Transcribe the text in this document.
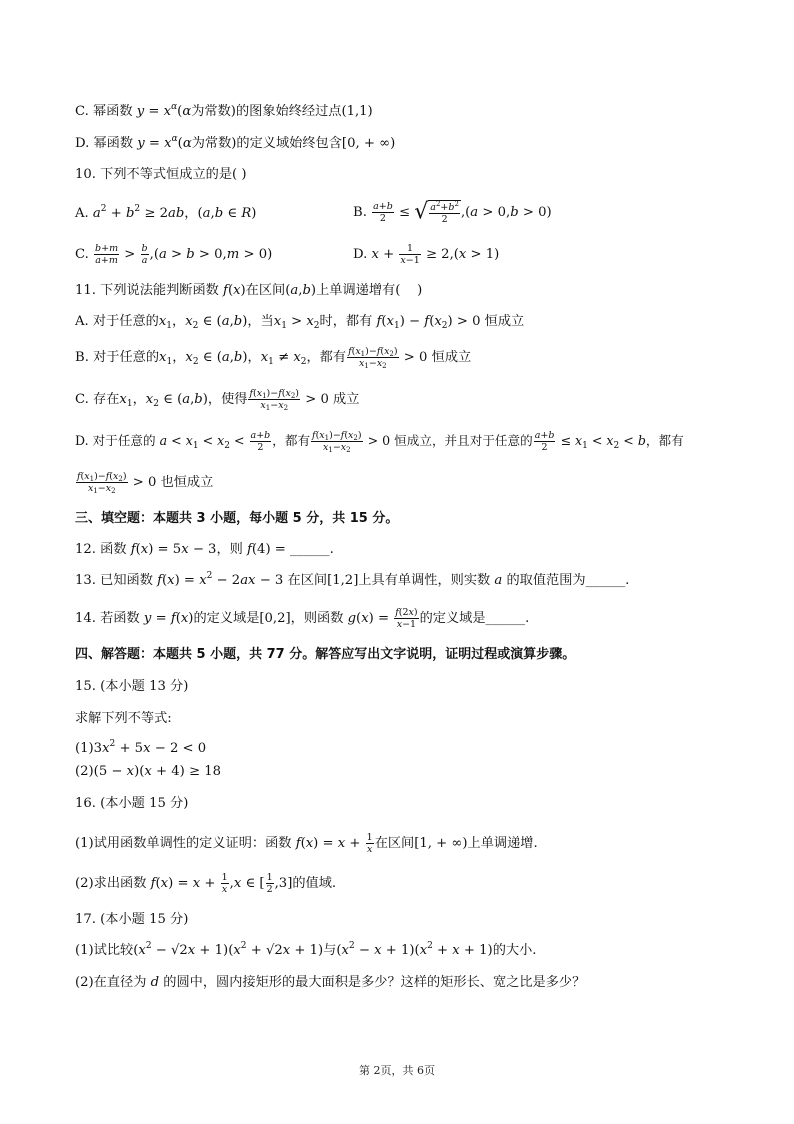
C. 幂函数 $y = x^\alpha(\alpha$为常数)的图象始终经过点(1,1)
D. 幂函数 $y = x^\alpha(\alpha$为常数)的定义域始终包含[0, + ∞)
10. 下列不等式恒成立的是( )
A. $a^2 + b^2 \ge 2ab$，(a,b ∈ R)	B. $\frac{a+b}{2}$ ≤ √ $\frac{a^2+b^2}{2} ,(a > 0,b > 0)$
C. $\frac{b+m}{a+m} > \frac{b}{a} ,(a > b > 0,m > 0)$	D. $x + \frac{1}{x-1} \ge 2,(x > 1)$
11. 下列说法能判断函数 f(x)在区间(a,b)上单调递增有(    )
A. 对于任意的$x_1$，$x_2$ ∈ (a,b)，当$x_1 > x_2$时，都有 $f(x_1) - f(x_2) > 0$ 恒成立
B. 对于任意的$x_1$，$x_2$ ∈ (a,b)，$x_1 \ne x_2$，都有 $\frac{f(x_1)-f(x_2)}{x_1-x_2} > 0$ 恒成立
C. 存在$x_1$，$x_2$ ∈ (a,b)，使得 $\frac{f(x_1)-f(x_2)}{x_1-x_2} > 0$ 成立
D. 对于任意的 $a < x_1 < x_2 < \frac{a+b}{2}$ ，都有 $\frac{f(x_1)-f(x_2)}{x_1-x_2} > 0$ 恒成立，并且对于任意的 $\frac{a+b}{2} \le x_1 < x_2 < b$，都有
$\frac{f(x_1)-f(x_2)}{x_1-x_2} > 0$ 也恒成立
三、填空题：本题共 3 小题，每小题 5 分，共 15 分。
12. 函数 f(x) = 5x − 3，则 f(4) = ______.
13. 已知函数 $f(x) = x^2 - 2ax - 3$ 在区间[1,2]上具有单调性，则实数 a 的取值范围为______.
14. 若函数 y = f(x)的定义域是[0,2]，则函数 $g(x) = \frac{f(2x)}{x-1}$ 的定义域是______.
四、解答题：本题共 5 小题，共 77 分。解答应写出文字说明，证明过程或演算步骤。
15. (本小题 13 分)
求解下列不等式:
$(1)3x^2 + 5x - 2 < 0$
(2)(5 − x)(x + 4) ≥ 18
16. (本小题 15 分)
(1)试用函数单调性的定义证明：函数 $f(x) = x + \frac{1}{x}$ 在区间[1, + ∞)上单调递增.
(2)求出函数 $f(x) = x + \frac{1}{x} ,x$ ∈ [ $\frac{1}{2} ,3$]的值域.
17. (本小题 15 分)
(1)试比较$(x^2 - √2x + 1)(x^2 + √2x + 1)$与$(x^2 - x + 1)(x^2 + x + 1)$的大小.
(2)在直径为 d 的圆中，圆内接矩形的最大面积是多少？这样的矩形长、宽之比是多少？
第 2页，共 6页
